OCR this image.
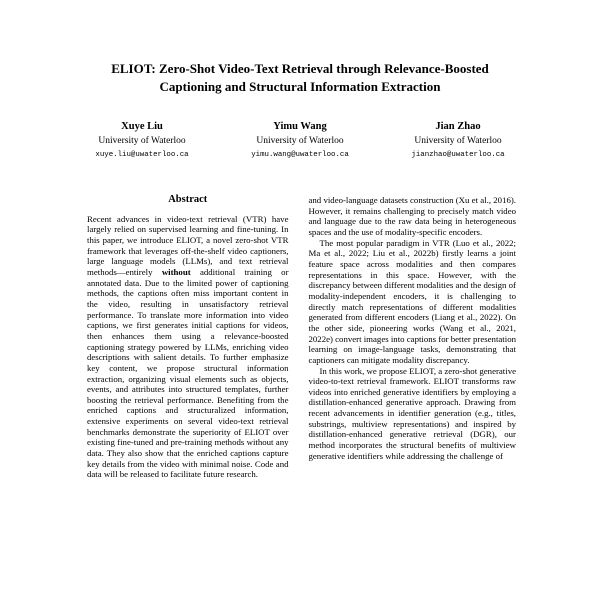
ELIOT: Zero-Shot Video-Text Retrieval through Relevance-Boosted
Captioning and Structural Information Extraction
Xuye Liu
University of Waterloo
xuye.liu@uwaterloo.ca
Yimu Wang
University of Waterloo
yimu.wang@uwaterloo.ca
Jian Zhao
University of Waterloo
jianzhao@uwaterloo.ca
Abstract

Recent advances in video-text retrieval (VTR) have largely relied on supervised learning and fine-tuning. In this paper, we introduce ELIOT, a novel zero-shot VTR framework that leverages off-the-shelf video captioners, large language models (LLMs), and text retrieval methods—entirely without additional training or annotated data. Due to the limited power of captioning methods, the captions often miss important content in the video, resulting in unsatisfactory retrieval performance. To translate more information into video captions, we first generates initial captions for videos, then enhances them using a relevance-boosted captioning strategy powered by LLMs, enriching video descriptions with salient details. To further emphasize key content, we propose structural information extraction, organizing visual elements such as objects, events, and attributes into structured templates, further boosting the retrieval performance. Benefiting from the enriched captions and structuralized information, extensive experiments on several video-text retrieval benchmarks demonstrate the superiority of ELIOT over existing fine-tuned and pre-training methods without any data. They also show that the enriched captions capture key details from the video with minimal noise. Code and data will be released to facilitate future research.

and video-language datasets construction (Xu et al., 2016). However, it remains challenging to precisely match video and language due to the raw data being in heterogeneous spaces and the use of modality-specific encoders.

The most popular paradigm in VTR (Luo et al., 2022; Ma et al., 2022; Liu et al., 2022b) firstly learns a joint feature space across modalities and then compares representations in this space. However, with the discrepancy between different modalities and the design of modality-independent encoders, it is challenging to directly match representations of different modalities generated from different encoders (Liang et al., 2022). On the other side, pioneering works (Wang et al., 2021, 2022e) convert images into captions for better presentation learning on image-language tasks, demonstrating that captioners can mitigate modality discrepancy.

In this work, we propose ELIOT, a zero-shot generative video-to-text retrieval framework. ELIOT transforms raw videos into enriched generative identifiers by employing a distillation-enhanced generative approach. Drawing from recent advancements in identifier generation (e.g., titles, substrings, multiview representations) and inspired by distillation-enhanced generative retrieval (DGR), our method incorporates the structural benefits of multiview generative identifiers while addressing the challenge of
